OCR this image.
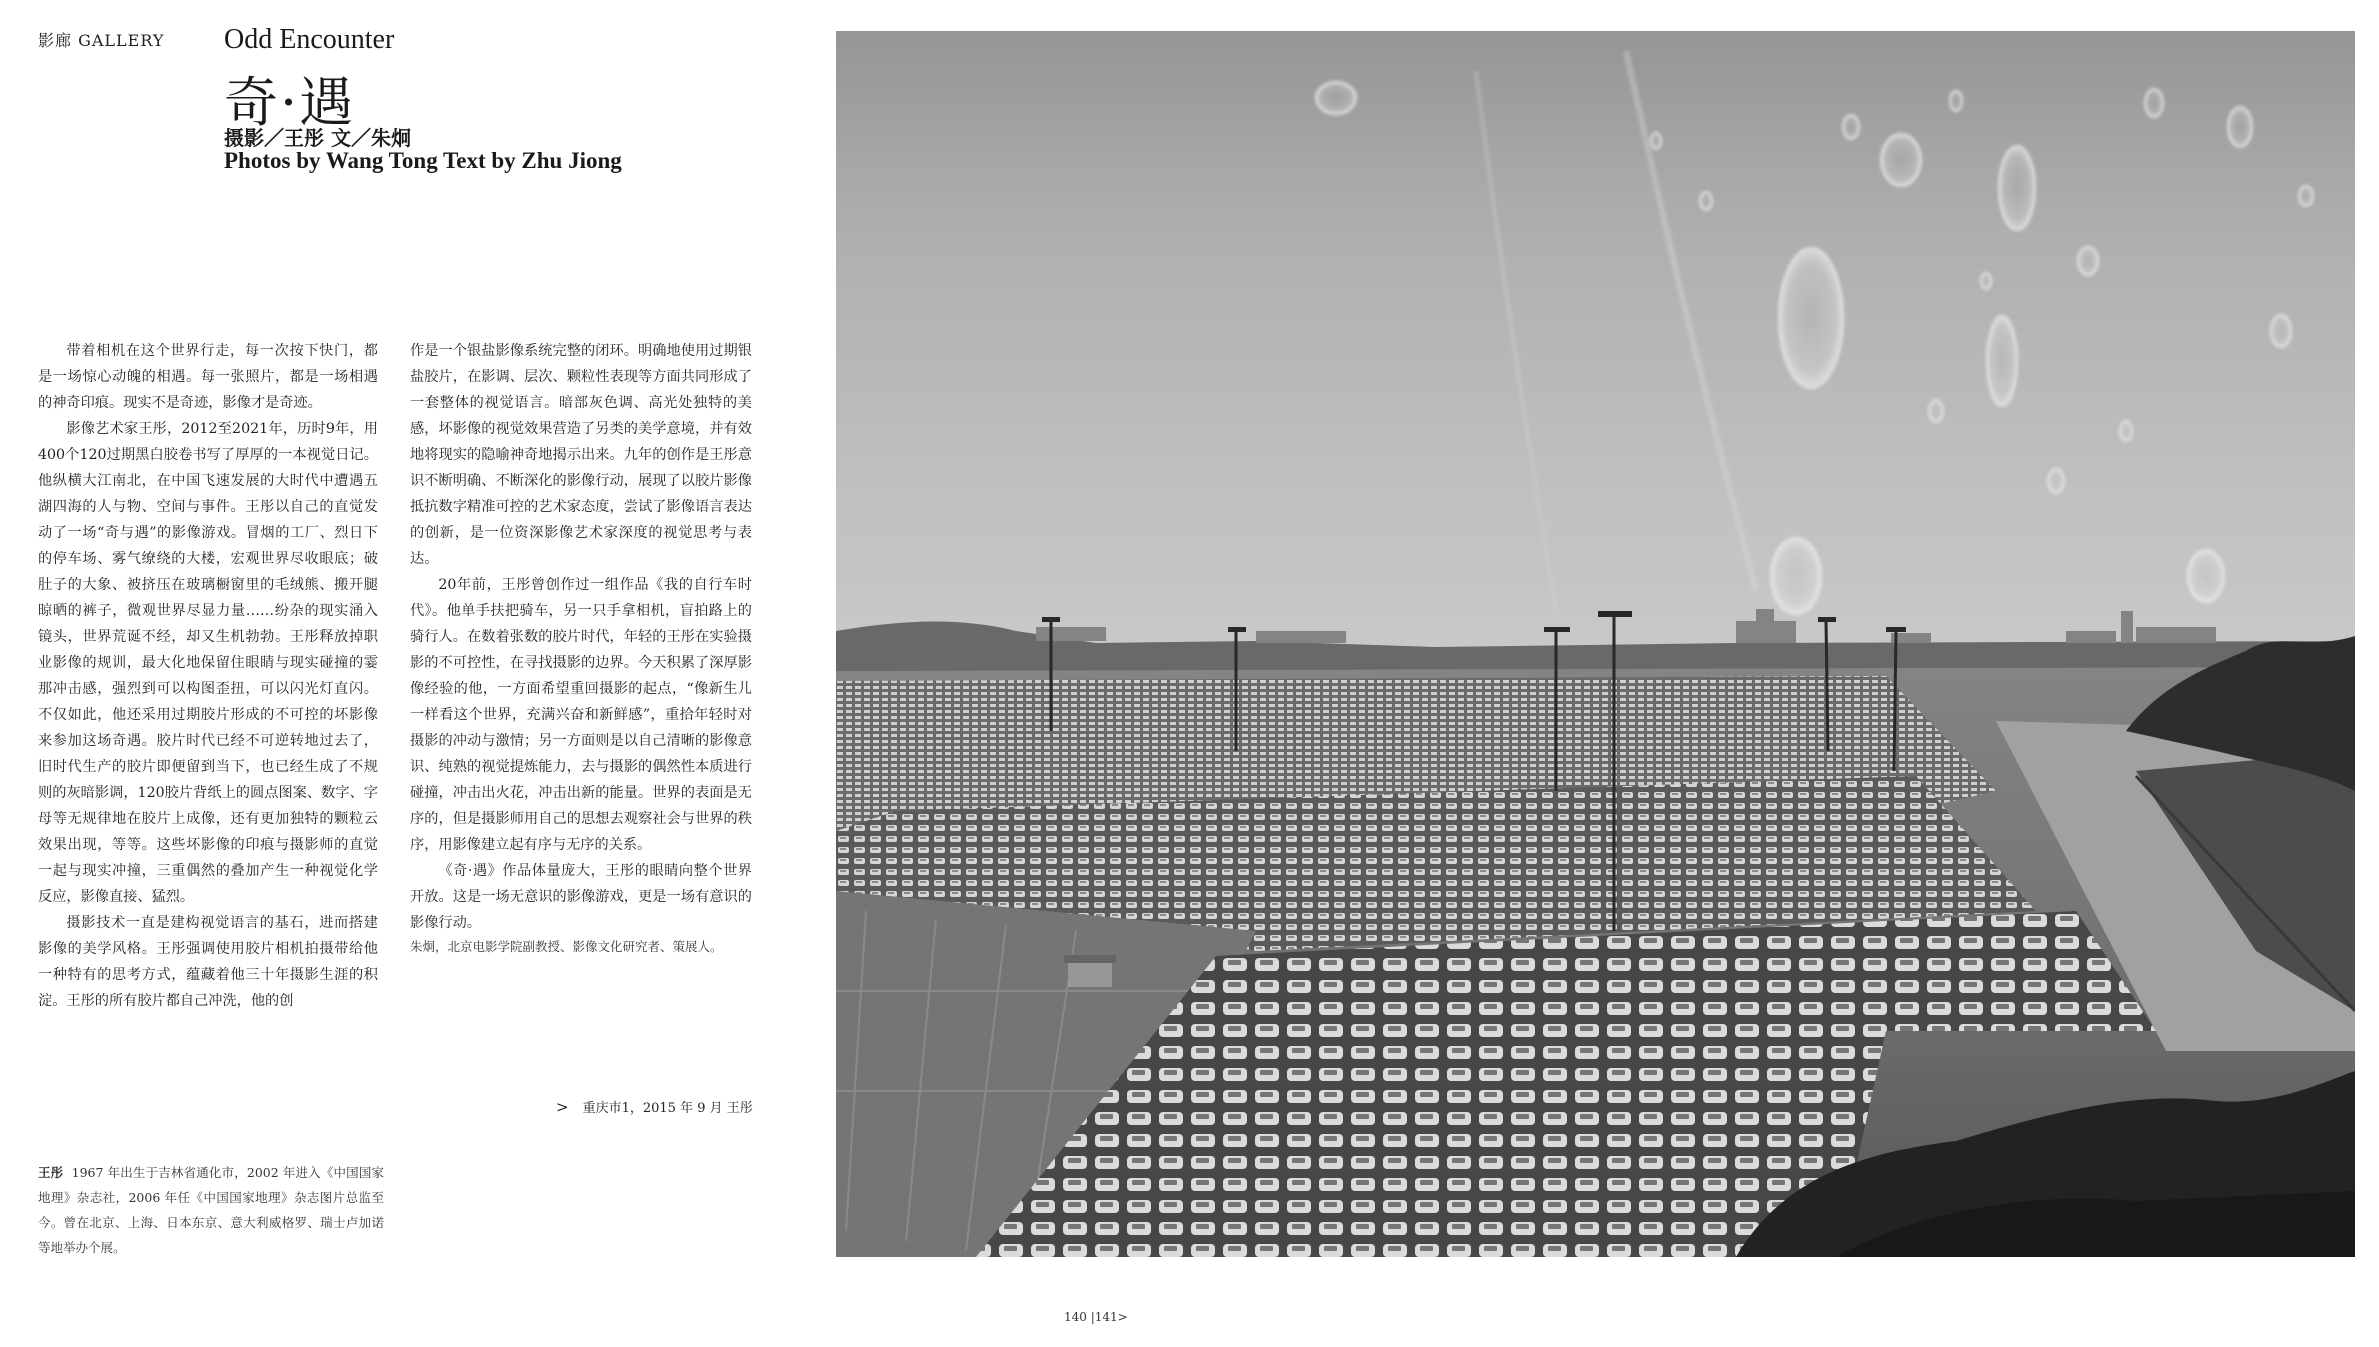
影廊 GALLERY Odd Encounter
奇·遇
摄影／王彤 文／朱炯
Photos by Wang Tong Text by Zhu Jiong

带着相机在这个世界行走，每一次按下快门，都是一场惊心动魄的相遇。每一张照片，都是一场相遇的神奇印痕。现实不是奇迹，影像才是奇迹。

影像艺术家王彤，2012至2021年，历时9年，用400个120过期黑白胶卷书写了厚厚的一本视觉日记。他纵横大江南北，在中国飞速发展的大时代中遭遇五湖四海的人与物、空间与事件。王彤以自己的直觉发动了一场“奇与遇”的影像游戏。冒烟的工厂、烈日下的停车场、雾气缭绕的大楼，宏观世界尽收眼底；破肚子的大象、被挤压在玻璃橱窗里的毛绒熊、搬开腿晾晒的裤子，微观世界尽显力量……纷杂的现实涌入镜头，世界荒诞不经，却又生机勃勃。王彤释放掉职业影像的规训，最大化地保留住眼睛与现实碰撞的霎那冲击感，强烈到可以构图歪扭，可以闪光灯直闪。不仅如此，他还采用过期胶片形成的不可控的坏影像来参加这场奇遇。胶片时代已经不可逆转地过去了，旧时代生产的胶片即便留到当下，也已经生成了不规则的灰暗影调，120胶片背纸上的圆点图案、数字、字母等无规律地在胶片上成像，还有更加独特的颗粒云效果出现，等等。这些坏影像的印痕与摄影师的直觉一起与现实冲撞，三重偶然的叠加产生一种视觉化学反应，影像直接、猛烈。

摄影技术一直是建构视觉语言的基石，进而搭建影像的美学风格。王彤强调使用胶片相机拍摄带给他一种特有的思考方式，蕴藏着他三十年摄影生涯的积淀。王彤的所有胶片都自己冲洗，他的创

作是一个银盐影像系统完整的闭环。明确地使用过期银盐胶片，在影调、层次、颗粒性表现等方面共同形成了一套整体的视觉语言。暗部灰色调、高光处独特的美感，坏影像的视觉效果营造了另类的美学意境，并有效地将现实的隐喻神奇地揭示出来。九年的创作是王彤意识不断明确、不断深化的影像行动，展现了以胶片影像抵抗数字精准可控的艺术家态度，尝试了影像语言表达的创新，是一位资深影像艺术家深度的视觉思考与表达。

20年前，王彤曾创作过一组作品《我的自行车时代》。他单手扶把骑车，另一只手拿相机，盲拍路上的骑行人。在数着张数的胶片时代，年轻的王彤在实验摄影的不可控性，在寻找摄影的边界。今天积累了深厚影像经验的他，一方面希望重回摄影的起点，“像新生儿一样看这个世界，充满兴奋和新鲜感”，重拾年轻时对摄影的冲动与激情；另一方面则是以自己清晰的影像意识、纯熟的视觉提炼能力，去与摄影的偶然性本质进行碰撞，冲击出火花，冲击出新的能量。世界的表面是无序的，但是摄影师用自己的思想去观察社会与世界的秩序，用影像建立起有序与无序的关系。

《奇·遇》作品体量庞大，王彤的眼睛向整个世界开放。这是一场无意识的影像游戏，更是一场有意识的影像行动。

朱炯，北京电影学院副教授、影像文化研究者、策展人。

> 重庆市1，2015 年 9 月 王彤
王彤 1967 年出生于吉林省通化市，2002 年进入《中国国家地理》杂志社，2006 年任《中国国家地理》杂志图片总监至今。曾在北京、上海、日本东京、意大利威格罗、瑞士卢加诺等地举办个展。
140 |141>
